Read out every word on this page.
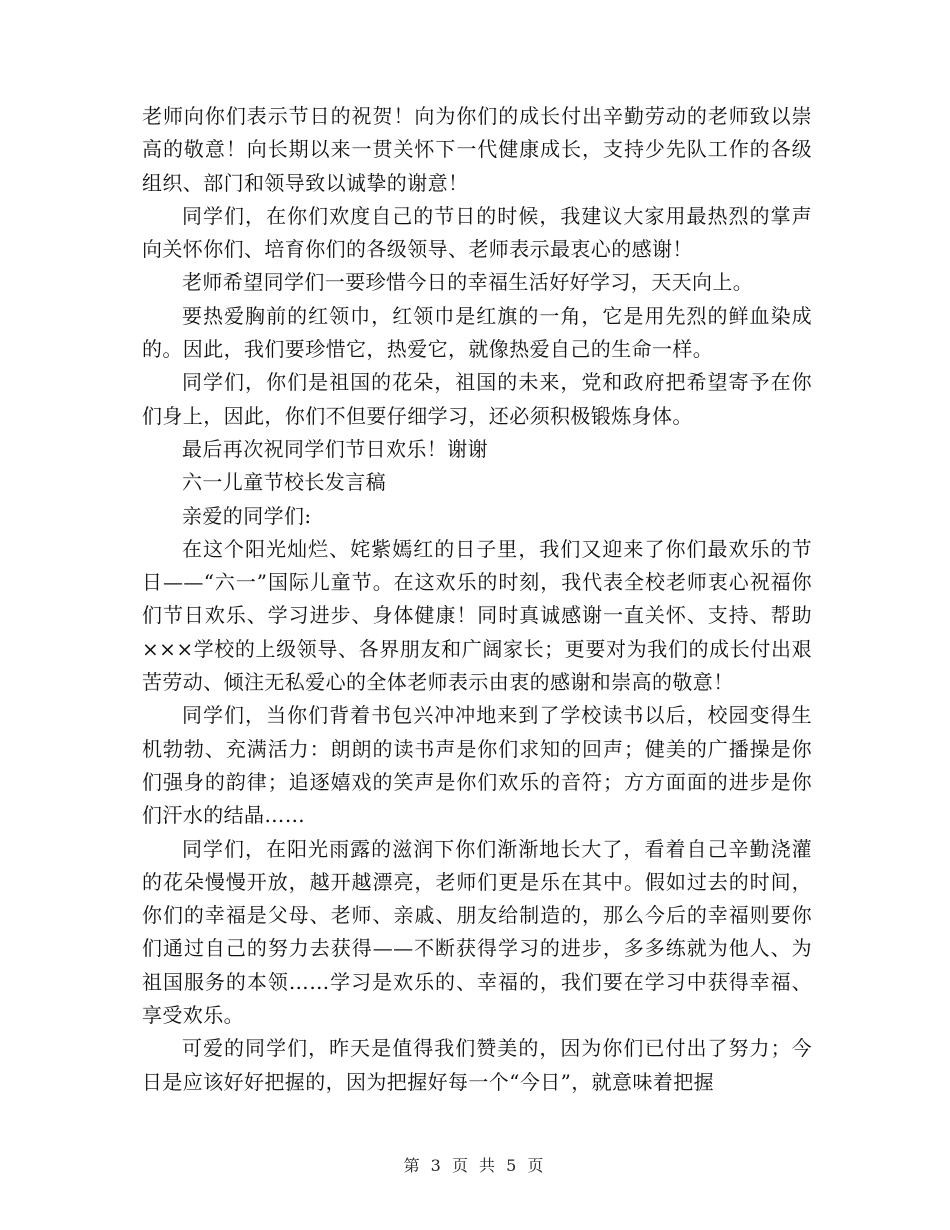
老师向你们表示节日的祝贺！向为你们的成长付出辛勤劳动的老师致以崇高的敬意！向长期以来一贯关怀下一代健康成长，支持少先队工作的各级组织、部门和领导致以诚挚的谢意！

同学们，在你们欢度自己的节日的时候，我建议大家用最热烈的掌声向关怀你们、培育你们的各级领导、老师表示最衷心的感谢！

老师希望同学们一要珍惜今日的幸福生活好好学习，天天向上。

要热爱胸前的红领巾，红领巾是红旗的一角，它是用先烈的鲜血染成的。因此，我们要珍惜它，热爱它，就像热爱自己的生命一样。

同学们，你们是祖国的花朵，祖国的未来，党和政府把希望寄予在你们身上，因此，你们不但要仔细学习，还必须积极锻炼身体。

最后再次祝同学们节日欢乐！谢谢

六一儿童节校长发言稿

亲爱的同学们:

在这个阳光灿烂、姹紫嫣红的日子里，我们又迎来了你们最欢乐的节日——“六一”国际儿童节。在这欢乐的时刻，我代表全校老师衷心祝福你们节日欢乐、学习进步、身体健康！同时真诚感谢一直关怀、支持、帮助×××学校的上级领导、各界朋友和广阔家长；更要对为我们的成长付出艰苦劳动、倾注无私爱心的全体老师表示由衷的感谢和崇高的敬意！

同学们，当你们背着书包兴冲冲地来到了学校读书以后，校园变得生机勃勃、充满活力：朗朗的读书声是你们求知的回声；健美的广播操是你们强身的韵律；追逐嬉戏的笑声是你们欢乐的音符；方方面面的进步是你们汗水的结晶……

同学们，在阳光雨露的滋润下你们渐渐地长大了，看着自己辛勤浇灌的花朵慢慢开放，越开越漂亮，老师们更是乐在其中。假如过去的时间，你们的幸福是父母、老师、亲戚、朋友给制造的，那么今后的幸福则要你们通过自己的努力去获得——不断获得学习的进步，多多练就为他人、为祖国服务的本领……学习是欢乐的、幸福的，我们要在学习中获得幸福、享受欢乐。

可爱的同学们，昨天是值得我们赞美的，因为你们已付出了努力；今日是应该好好把握的，因为把握好每一个“今日”，就意味着把握

第 3 页 共 5 页
